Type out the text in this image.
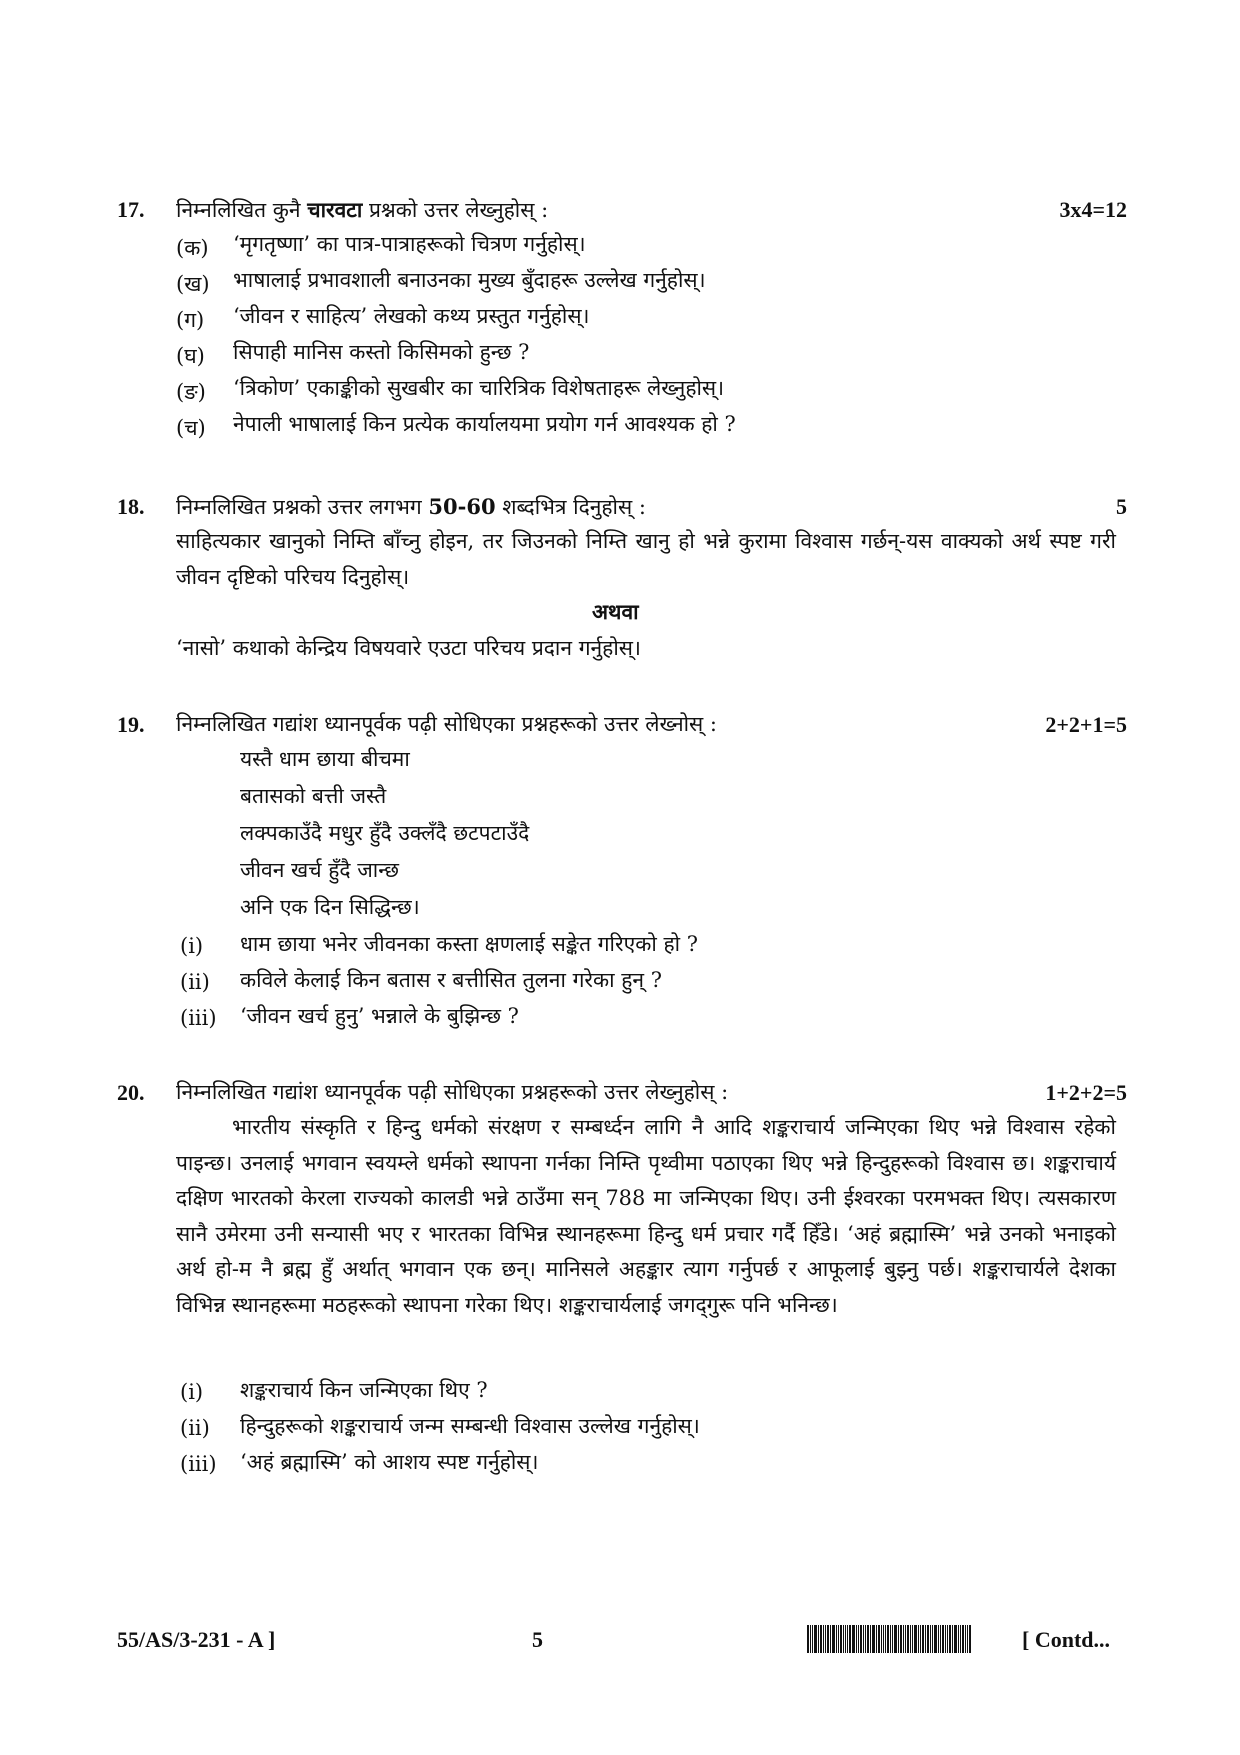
17. निम्नलिखित कुनै चारवटा प्रश्नको उत्तर लेख्नुहोस् :	3x4=12
(क) ‘मृगतृष्णा’ का पात्र-पात्राहरूको चित्रण गर्नुहोस्।
(ख) भाषालाई प्रभावशाली बनाउनका मुख्य बुँदाहरू उल्लेख गर्नुहोस्।
(ग) ‘जीवन र साहित्य’ लेखको कथ्य प्रस्तुत गर्नुहोस्।
(घ) सिपाही मानिस कस्तो किसिमको हुन्छ ?
(ङ) ‘त्रिकोण’ एकाङ्कीको सुखबीर का चारित्रिक विशेषताहरू लेख्नुहोस्।
(च) नेपाली भाषालाई किन प्रत्येक कार्यालयमा प्रयोग गर्न आवश्यक हो ?
18. निम्नलिखित प्रश्नको उत्तर लगभग 50-60 शब्दभित्र दिनुहोस् :	5
साहित्यकार खानुको निम्ति बाँच्नु होइन, तर जिउनको निम्ति खानु हो भन्ने कुरामा विश्वास गर्छन्-यस वाक्यको अर्थ स्पष्ट गरी जीवन दृष्टिको परिचय दिनुहोस्।
अथवा
‘नासो’ कथाको केन्द्रिय विषयवारे एउटा परिचय प्रदान गर्नुहोस्।
19. निम्नलिखित गद्यांश ध्यानपूर्वक पढ़ी सोधिएका प्रश्नहरूको उत्तर लेख्नोस् :	2+2+1=5
यस्तै धाम छाया बीचमा
बतासको बत्ती जस्तै
लक्पकाउँदै मधुर हुँदै उक्लँदै छटपटाउँदै
जीवन खर्च हुँदै जान्छ
अनि एक दिन सिद्धिन्छ।
(i) धाम छाया भनेर जीवनका कस्ता क्षणलाई सङ्केत गरिएको हो ?
(ii) कविले केलाई किन बतास र बत्तीसित तुलना गरेका हुन् ?
(iii) ‘जीवन खर्च हुनु’ भन्नाले के बुझिन्छ ?
20. निम्नलिखित गद्यांश ध्यानपूर्वक पढ़ी सोधिएका प्रश्नहरूको उत्तर लेख्नुहोस् :	1+2+2=5
भारतीय संस्कृति र हिन्दु धर्मको संरक्षण र सम्बर्ध्दन लागि नै आदि शङ्कराचार्य जन्मिएका थिए भन्ने विश्वास रहेको पाइन्छ। उनलाई भगवान स्वयम्ले धर्मको स्थापना गर्नका निम्ति पृथ्वीमा पठाएका थिए भन्ने हिन्दुहरूको विश्वास छ। शङ्कराचार्य दक्षिण भारतको केरला राज्यको कालडी भन्ने ठाउँमा सन् 788 मा जन्मिएका थिए। उनी ईश्वरका परमभक्त थिए। त्यसकारण सानै उमेरमा उनी सन्यासी भए र भारतका विभिन्न स्थानहरूमा हिन्दु धर्म प्रचार गर्दै हिँडे। ‘अहं ब्रह्मास्मि’ भन्ने उनको भनाइको अर्थ हो-म नै ब्रह्म हुँ अर्थात् भगवान एक छन्। मानिसले अहङ्कार त्याग गर्नुपर्छ र आफूलाई बुझ्नु पर्छ। शङ्कराचार्यले देशका विभिन्न स्थानहरूमा मठहरूको स्थापना गरेका थिए। शङ्कराचार्यलाई जगद्‌गुरू पनि भनिन्छ।
(i) शङ्कराचार्य किन जन्मिएका थिए ?
(ii) हिन्दुहरूको शङ्कराचार्य जन्म सम्बन्धी विश्वास उल्लेख गर्नुहोस्।
(iii) ‘अहं ब्रह्मास्मि’ को आशय स्पष्ट गर्नुहोस्।
55/AS/3-231 - A ]	5	[ Contd...
